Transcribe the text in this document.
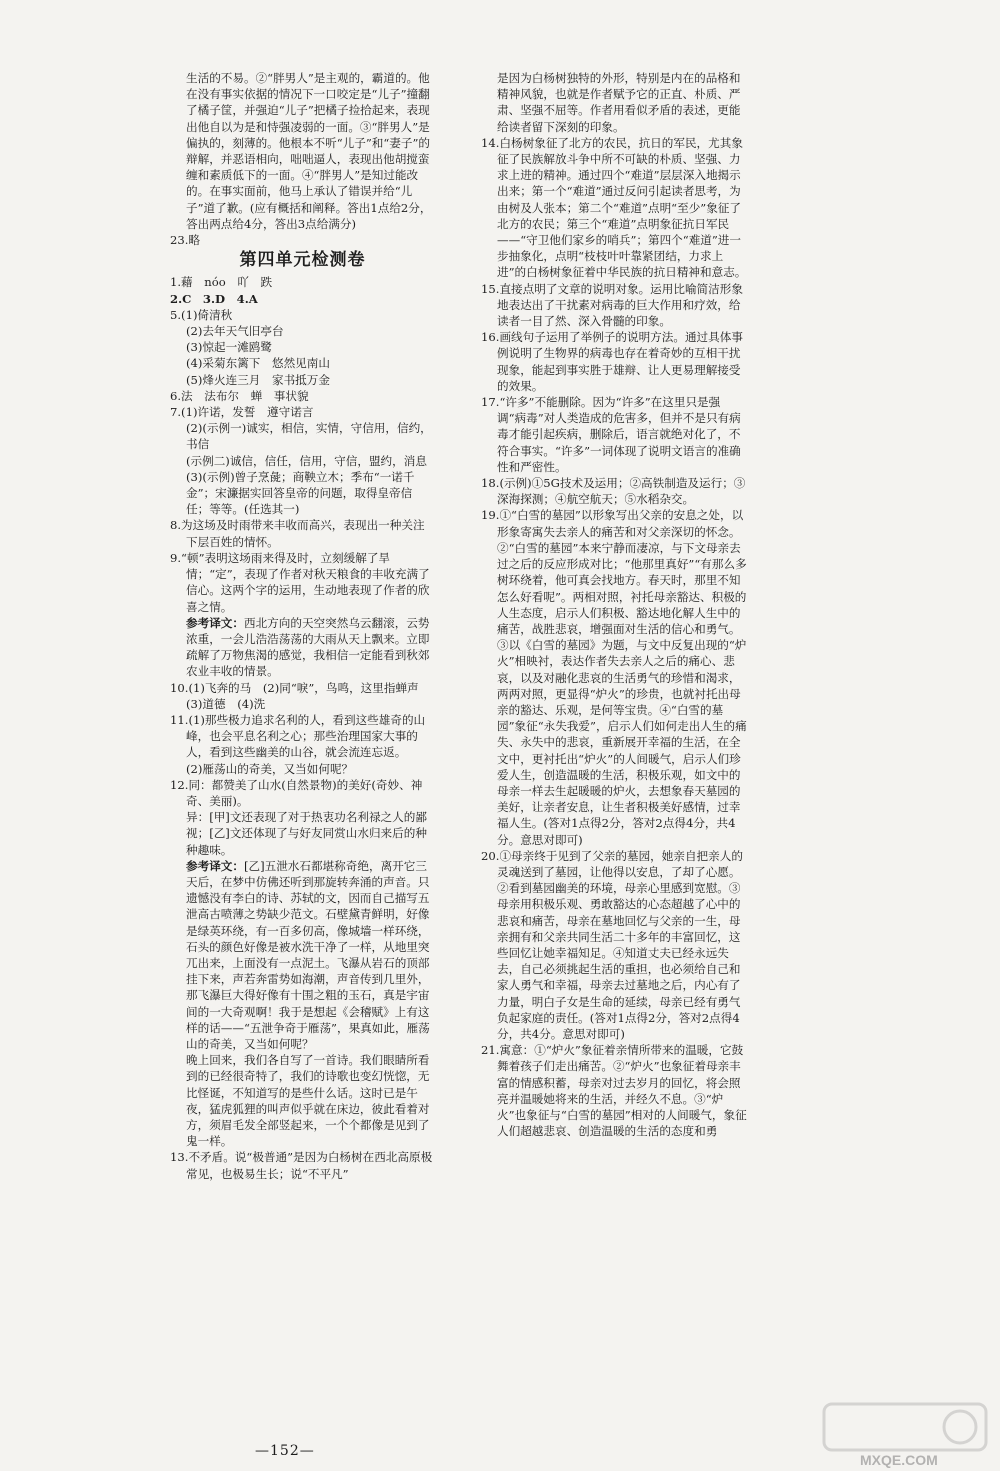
生活的不易。②“胖男人”是主观的，霸道的。他在没有事实依据的情况下一口咬定是“儿子”撞翻了橘子筐，并强迫“儿子”把橘子捡拾起来，表现出他自以为是和恃强凌弱的一面。③“胖男人”是偏执的，刻薄的。他根本不听“儿子”和“妻子”的辩解，并恶语相向，咄咄逼人，表现出他胡搅蛮缠和素质低下的一面。④“胖男人”是知过能改的。在事实面前，他马上承认了错误并给“儿子”道了歉。(应有概括和阐释。答出1点给2分，答出两点给4分，答出3点给满分)

23.略

第四单元检测卷

1.藉　nóo　吖　跌

2.C　3.D　4.A

5.(1)倚清秋

(2)去年天气旧亭台

(3)惊起一滩鸥鹭

(4)采菊东篱下　悠然见南山

(5)烽火连三月　家书抵万金

6.法　法布尔　蝉　事状貌

7.(1)许诺，发誓　遵守诺言

(2)(示例一)诚实，相信，实情，守信用，信约，书信

(示例二)诚信，信任，信用，守信，盟约，消息

(3)(示例)曾子烹彘；商鞅立木；季布“一诺千金”；宋濂据实回答皇帝的问题，取得皇帝信任；等等。(任选其一)

8.为这场及时雨带来丰收而高兴，表现出一种关注下层百姓的情怀。

9.“顿”表明这场雨来得及时，立刻缓解了旱情；“定”，表现了作者对秋天粮食的丰收充满了信心。这两个字的运用，生动地表现了作者的欣喜之情。

参考译文：西北方向的天空突然乌云翻滚，云势浓重，一会儿浩浩荡荡的大雨从天上飘来。立即疏解了万物焦渴的感觉，我相信一定能看到秋郊农业丰收的情景。

10.(1)飞奔的马　(2)同“唳”，鸟鸣，这里指蝉声　(3)道德　(4)洗

11.(1)那些极力追求名利的人，看到这些雄奇的山峰，也会平息名利之心；那些治理国家大事的人，看到这些幽美的山谷，就会流连忘返。

(2)雁荡山的奇美，又当如何呢？

12.同：都赞美了山水(自然景物)的美好(奇妙、神奇、美丽)。

异：[甲]文还表现了对于热衷功名利禄之人的鄙视；[乙]文还体现了与好友同赏山水归来后的种种趣味。

参考译文：[乙]五泄水石都堪称奇绝，离开它三天后，在梦中仿佛还听到那旋转奔涌的声音。只遗憾没有李白的诗、苏轼的文，因而自己描写五泄高古喷薄之势缺少范文。石壁黛青鲜明，好像是绿英环绕，有一百多仞高，像城墙一样环绕，石头的颜色好像是被水洗干净了一样，从地里突兀出来，上面没有一点泥土。飞瀑从岩石的顶部挂下来，声若奔雷势如海潮，声音传到几里外，那飞瀑巨大得好像有十围之粗的玉石，真是宇宙间的一大奇观啊！我于是想起《会稽赋》上有这样的话——“五泄争奇于雁荡”，果真如此，雁荡山的奇美，又当如何呢？

晚上回来，我们各自写了一首诗。我们眼睛所看到的已经很奇特了，我们的诗歌也变幻恍惚，无比怪诞，不知道写的是些什么话。这时已是午夜，猛虎狐狸的叫声似乎就在床边，彼此看着对方，须眉毛发全部竖起来，一个个都像是见到了鬼一样。

13.不矛盾。说“极普通”是因为白杨树在西北高原极常见，也极易生长；说“不平凡”

是因为白杨树独特的外形，特别是内在的品格和精神风貌，也就是作者赋予它的正直、朴质、严肃、坚强不屈等。作者用看似矛盾的表述，更能给读者留下深刻的印象。

14.白杨树象征了北方的农民，抗日的军民，尤其象征了民族解放斗争中所不可缺的朴质、坚强、力求上进的精神。通过四个“难道”层层深入地揭示出来；第一个“难道”通过反问引起读者思考，为由树及人张本；第二个“难道”点明“至少”象征了北方的农民；第三个“难道”点明象征抗日军民——“守卫他们家乡的哨兵”；第四个“难道”进一步抽象化，点明“枝枝叶叶靠紧团结，力求上进”的白杨树象征着中华民族的抗日精神和意志。

15.直接点明了文章的说明对象。运用比喻简洁形象地表达出了干扰素对病毒的巨大作用和疗效，给读者一目了然、深入骨髓的印象。

16.画线句子运用了举例子的说明方法。通过具体事例说明了生物界的病毒也存在着奇妙的互相干扰现象，能起到事实胜于雄辩、让人更易理解接受的效果。

17.“许多”不能删除。因为“许多”在这里只是强调“病毒”对人类造成的危害多，但并不是只有病毒才能引起疾病，删除后，语言就绝对化了，不符合事实。“许多”一词体现了说明文语言的准确性和严密性。

18.(示例)①5G技术及运用；②高铁制造及运行；③深海探测；④航空航天；⑤水稻杂交。

19.①“白雪的墓园”以形象写出父亲的安息之处，以形象寄寓失去亲人的痛苦和对父亲深切的怀念。②“白雪的墓园”本来宁静而凄凉，与下文母亲去过之后的反应形成对比；“他那里真好”“有那么多树环绕着，他可真会找地方。春天时，那里不知怎么好看呢”。两相对照，衬托母亲豁达、积极的人生态度，启示人们积极、豁达地化解人生中的痛苦，战胜悲哀，增强面对生活的信心和勇气。③以《白雪的墓园》为题，与文中反复出现的“炉火”相映衬，表达作者失去亲人之后的痛心、悲哀，以及对融化悲哀的生活勇气的珍惜和渴求，两两对照，更显得“炉火”的珍贵，也就衬托出母亲的豁达、乐观，是何等宝贵。④“白雪的墓园”象征“永失我爱”，启示人们如何走出人生的痛失、永失中的悲哀，重新展开幸福的生活，在全文中，更衬托出“炉火”的人间暖气，启示人们珍爱人生，创造温暖的生活，积极乐观，如文中的母亲一样去生起暖暖的炉火，去想象春天墓园的美好，让亲者安息，让生者积极美好感情，过幸福人生。(答对1点得2分，答对2点得4分，共4分。意思对即可)

20.①母亲终于见到了父亲的墓园，她亲自把亲人的灵魂送到了墓园，让他得以安息，了却了心愿。②看到墓园幽美的环境，母亲心里感到宽慰。③母亲用积极乐观、勇敢豁达的心态超越了心中的悲哀和痛苦，母亲在墓地回忆与父亲的一生，母亲拥有和父亲共同生活二十多年的丰富回忆，这些回忆让她幸福知足。④知道丈夫已经永远失去，自己必须挑起生活的重担，也必须给自己和家人勇气和幸福，母亲去过墓地之后，内心有了力量，明白子女是生命的延续，母亲已经有勇气负起家庭的责任。(答对1点得2分，答对2点得4分，共4分。意思对即可)

21.寓意：①“炉火”象征着亲情所带来的温暖，它鼓舞着孩子们走出痛苦。②“炉火”也象征着母亲丰富的情感积蓄，母亲对过去岁月的回忆，将会照亮并温暖她将来的生活，并经久不息。③“炉火”也象征与“白雪的墓园”相对的人间暖气，象征人们超越悲哀、创造温暖的生活的态度和勇

—152—
MXQE.COM
